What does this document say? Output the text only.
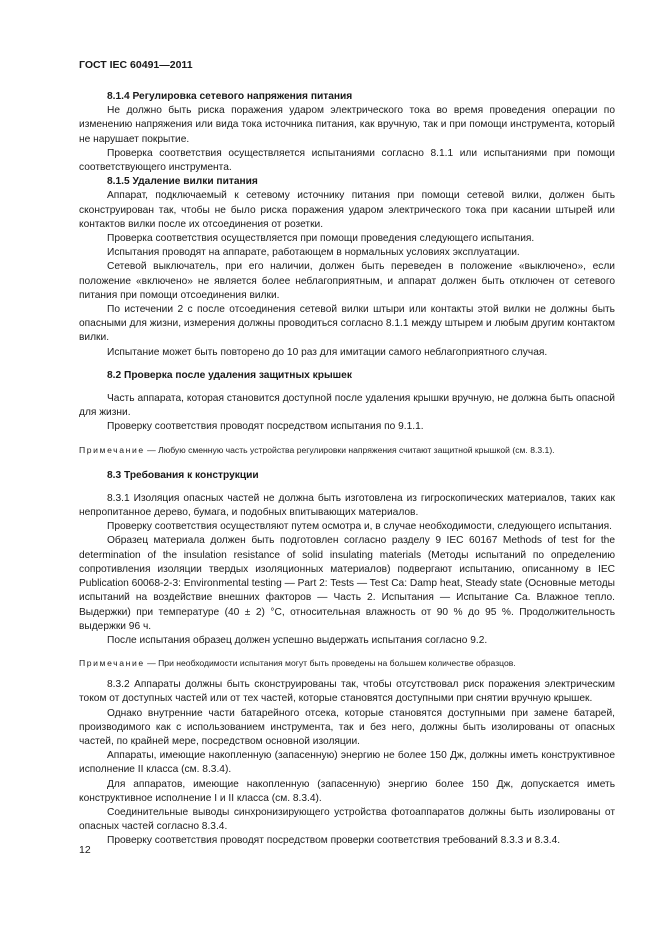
ГОСТ IEC 60491—2011

8.1.4 Регулировка сетевого напряжения питания

Не должно быть риска поражения ударом электрического тока во время проведения операции по изменению напряжения или вида тока источника питания, как вручную, так и при помощи инструмента, который не нарушает покрытие.

Проверка соответствия осуществляется испытаниями согласно 8.1.1 или испытаниями при помощи соответствующего инструмента.

8.1.5 Удаление вилки питания

Аппарат, подключаемый к сетевому источнику питания при помощи сетевой вилки, должен быть сконструирован так, чтобы не было риска поражения ударом электрического тока при касании штырей или контактов вилки после их отсоединения от розетки.

Проверка соответствия осуществляется при помощи проведения следующего испытания.

Испытания проводят на аппарате, работающем в нормальных условиях эксплуатации.

Сетевой выключатель, при его наличии, должен быть переведен в положение «выключено», если положение «включено» не является более неблагоприятным, и аппарат должен быть отключен от сетевого питания при помощи отсоединения вилки.

По истечении 2 с после отсоединения сетевой вилки штыри или контакты этой вилки не должны быть опасными для жизни, измерения должны проводиться согласно 8.1.1 между штырем и любым другим контактом вилки.

Испытание может быть повторено до 10 раз для имитации самого неблагоприятного случая.

8.2 Проверка после удаления защитных крышек

Часть аппарата, которая становится доступной после удаления крышки вручную, не должна быть опасной для жизни.

Проверку соответствия проводят посредством испытания по 9.1.1.

Примечание — Любую сменную часть устройства регулировки напряжения считают защитной крышкой (см. 8.3.1).

8.3 Требования к конструкции

8.3.1 Изоляция опасных частей не должна быть изготовлена из гигроскопических материалов, таких как непропитанное дерево, бумага, и подобных впитывающих материалов.

Проверку соответствия осуществляют путем осмотра и, в случае необходимости, следующего испытания.

Образец материала должен быть подготовлен согласно разделу 9 IEC 60167 Methods of test for the determination of the insulation resistance of solid insulating materials (Методы испытаний по определению сопротивления изоляции твердых изоляционных материалов) подвергают испытанию, описанному в IEC Publication 60068-2-3: Environmental testing — Part 2: Tests — Test Ca: Damp heat, Steady state (Основные методы испытаний на воздействие внешних факторов — Часть 2. Испытания — Испытание Ca. Влажное тепло. Выдержки) при температуре (40 ± 2) °С, относительная влажность от 90 % до 95 %. Продолжительность выдержки 96 ч.

После испытания образец должен успешно выдержать испытания согласно 9.2.

Примечание — При необходимости испытания могут быть проведены на большем количестве образцов.

8.3.2 Аппараты должны быть сконструированы так, чтобы отсутствовал риск поражения электрическим током от доступных частей или от тех частей, которые становятся доступными при снятии вручную крышек.

Однако внутренние части батарейного отсека, которые становятся доступными при замене батарей, производимого как с использованием инструмента, так и без него, должны быть изолированы от опасных частей, по крайней мере, посредством основной изоляции.

Аппараты, имеющие накопленную (запасенную) энергию не более 150 Дж, должны иметь конструктивное исполнение II класса (см. 8.3.4).

Для аппаратов, имеющие накопленную (запасенную) энергию более 150 Дж, допускается иметь конструктивное исполнение I и II класса (см. 8.3.4).

Соединительные выводы синхронизирующего устройства фотоаппаратов должны быть изолированы от опасных частей согласно 8.3.4.

Проверку соответствия проводят посредством проверки соответствия требований 8.3.3 и 8.3.4.

12
